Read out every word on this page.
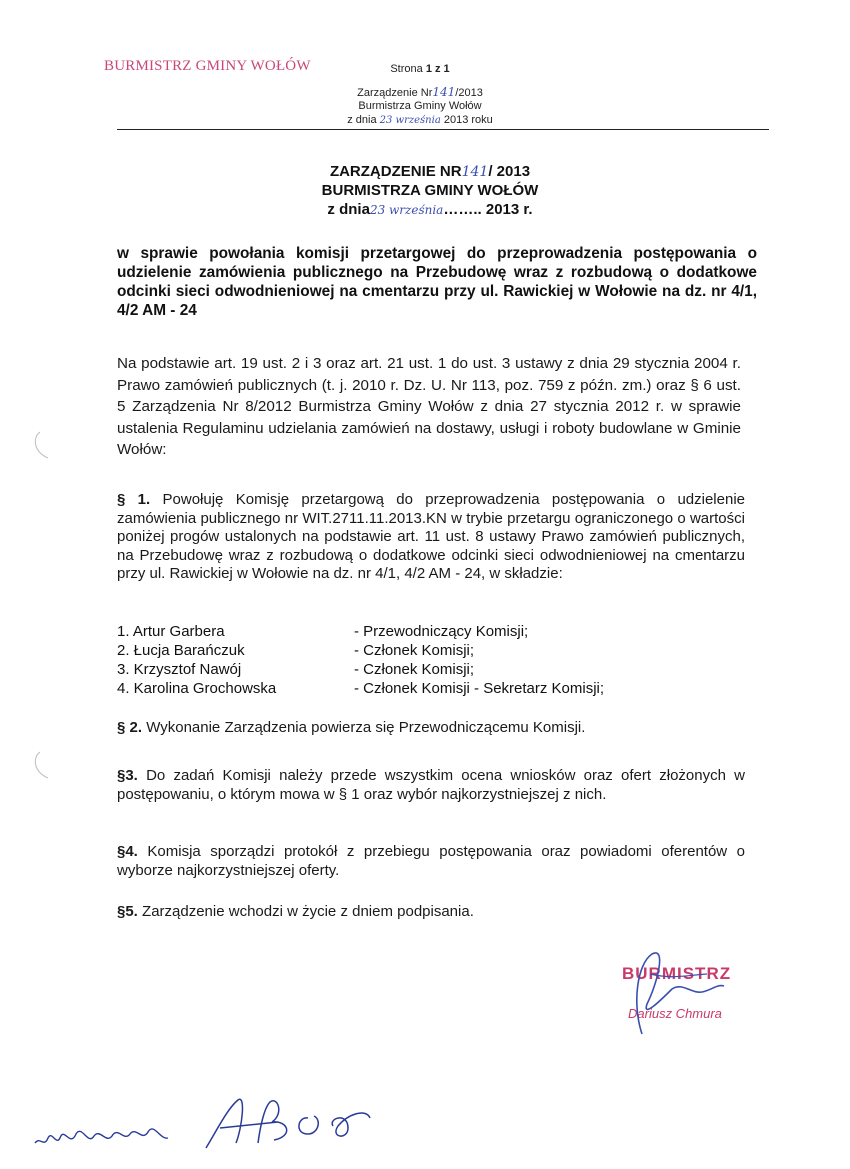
BURMISTRZ GMINY WOŁÓW	Strona 1 z 1
Zarządzenie Nr141/2013
Burmistrza Gminy Wołów
z dnia 23 września 2013 roku
ZARZĄDZENIE NR141/ 2013
BURMISTRZA GMINY WOŁÓW
z dnia23 września…….. 2013 r.
w sprawie powołania komisji przetargowej do przeprowadzenia postępowania o udzielenie zamówienia publicznego na Przebudowę wraz z rozbudową o dodatkowe odcinki sieci odwodnieniowej na cmentarzu przy ul. Rawickiej w Wołowie na dz. nr 4/1, 4/2 AM - 24
Na podstawie art. 19 ust. 2 i 3 oraz art. 21 ust. 1 do ust. 3 ustawy z dnia 29 stycznia 2004 r. Prawo zamówień publicznych (t. j. 2010 r. Dz. U. Nr 113, poz. 759 z późn. zm.) oraz § 6 ust. 5 Zarządzenia Nr 8/2012 Burmistrza Gminy Wołów z dnia 27 stycznia 2012 r. w sprawie ustalenia Regulaminu udzielania zamówień na dostawy, usługi i roboty budowlane w Gminie Wołów:
§ 1. Powołuję Komisję przetargową do przeprowadzenia postępowania o udzielenie zamówienia publicznego nr WIT.2711.11.2013.KN w trybie przetargu ograniczonego o wartości poniżej progów ustalonych na podstawie art. 11 ust. 8 ustawy Prawo zamówień publicznych, na Przebudowę wraz z rozbudową o dodatkowe odcinki sieci odwodnieniowej na cmentarzu przy ul. Rawickiej w Wołowie na dz. nr 4/1, 4/2 AM - 24, w składzie:
1. Artur Garbera	- Przewodniczący Komisji;
2. Łucja Barańczuk	- Członek Komisji;
3. Krzysztof Nawój	- Członek Komisji;
4. Karolina Grochowska	- Członek Komisji - Sekretarz Komisji;
§ 2. Wykonanie Zarządzenia powierza się Przewodniczącemu Komisji.
§3. Do zadań Komisji należy przede wszystkim ocena wniosków oraz ofert złożonych w postępowaniu, o którym mowa w § 1 oraz wybór najkorzystniejszej z nich.
§4. Komisja sporządzi protokół z przebiegu postępowania oraz powiadomi oferentów o wyborze najkorzystniejszej oferty.
§5. Zarządzenie wchodzi w życie z dniem podpisania.
BURMISTRZ
Dariusz Chmura
